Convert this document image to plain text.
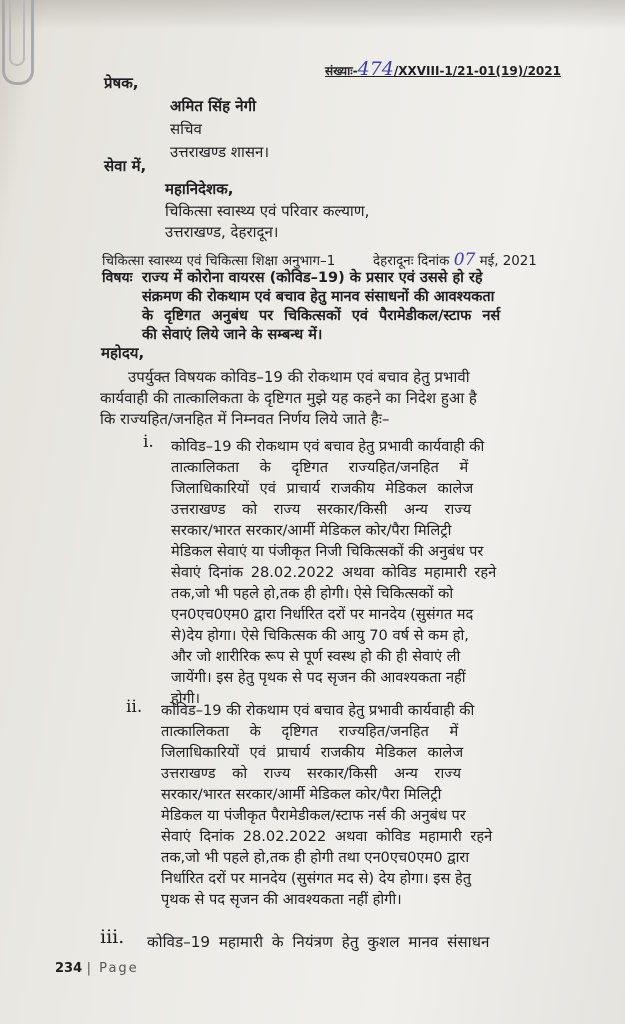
संख्याः-474/XXVIII-1/21-01(19)/2021
प्रेषक,
अमित सिंह नेगी
सचिव
उत्तराखण्ड शासन।
सेवा में,
महानिदेशक,
चिकित्सा स्वास्थ्य एवं परिवार कल्याण,
उत्तराखण्ड, देहरादून।
चिकित्सा स्वास्थ्य एवं चिकित्सा शिक्षा अनुभाग–1	देहरादूनः दिनांक 07 मई, 2021
विषयः राज्य में कोरोना वायरस (कोविड–19) के प्रसार एवं उससे हो रहे
संक्रमण की रोकथाम एवं बचाव हेतु मानव संसाधनों की आवश्यकता
के दृष्टिगत अनुबंध पर चिकित्सकों एवं पैरामेडीकल/स्टाफ नर्स
की सेवाएं लिये जाने के सम्बन्ध में।
महोदय,
उपर्युक्त विषयक कोविड–19 की रोकथाम एवं बचाव हेतु प्रभावी
कार्यवाही की तात्कालिकता के दृष्टिगत मुझे यह कहने का निदेश हुआ है
कि राज्यहित/जनहित में निम्नवत निर्णय लिये जाते हैः–
i. कोविड–19 की रोकथाम एवं बचाव हेतु प्रभावी कार्यवाही की
तात्कालिकता के दृष्टिगत राज्यहित/जनहित में
जिलाधिकारियों एवं प्राचार्य राजकीय मेडिकल कालेज
उत्तराखण्ड को राज्य सरकार/किसी अन्य राज्य
सरकार/भारत सरकार/आर्मी मेडिकल कोर/पैरा मिलिट्री
मेडिकल सेवाएं या पंजीकृत निजी चिकित्सकों की अनुबंध पर
सेवाएं दिनांक 28.02.2022 अथवा कोविड महामारी रहने
तक,जो भी पहले हो,तक ही होगी। ऐसे चिकित्सकों को
एन0एच0एम0 द्वारा निर्धारित दरों पर मानदेय (सुसंगत मद
से)देय होगा। ऐसे चिकित्सक की आयु 70 वर्ष से कम हो,
और जो शारीरिक रूप से पूर्ण स्वस्थ हो की ही सेवाएं ली
जायेंगी। इस हेतु पृथक से पद सृजन की आवश्यकता नहीं
होगी।
ii. कोविड–19 की रोकथाम एवं बचाव हेतु प्रभावी कार्यवाही की
तात्कालिकता के दृष्टिगत राज्यहित/जनहित में
जिलाधिकारियों एवं प्राचार्य राजकीय मेडिकल कालेज
उत्तराखण्ड को राज्य सरकार/किसी अन्य राज्य
सरकार/भारत सरकार/आर्मी मेडिकल कोर/पैरा मिलिट्री
मेडिकल या पंजीकृत पैरामेडीकल/स्टाफ नर्स की अनुबंध पर
सेवाएं दिनांक 28.02.2022 अथवा कोविड महामारी रहने
तक,जो भी पहले हो,तक ही होगी तथा एन0एच0एम0 द्वारा
निर्धारित दरों पर मानदेय (सुसंगत मद से) देय होगा। इस हेतु
पृथक से पद सृजन की आवश्यकता नहीं होगी।
iii. कोविड–19 महामारी के नियंत्रण हेतु कुशल मानव संसाधन
234 | Page
